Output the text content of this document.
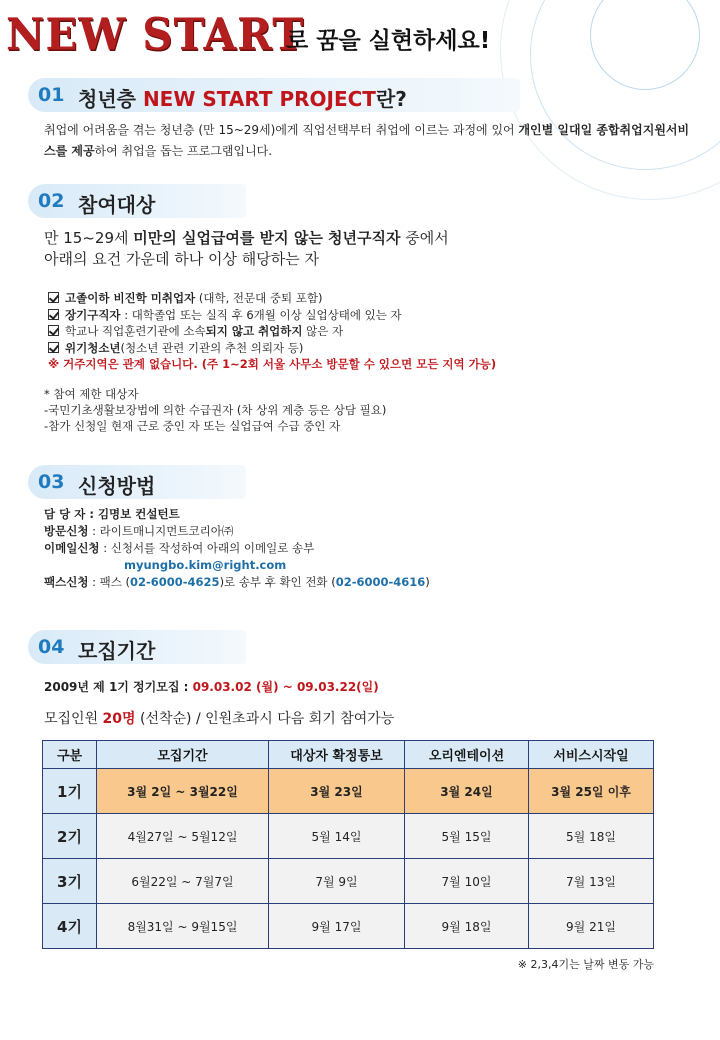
NEW START
로 꿈을 실현하세요!
01 청년층 NEW START PROJECT란?
취업에 어려움을 겪는 청년층 (만 15~29세)에게 직업선택부터 취업에 이르는 과정에 있어 개인별 일대일 종합취업지원서비스를 제공하여 취업을 돕는 프로그램입니다.
02 참여대상
만 15~29세 미만의 실업급여를 받지 않는 청년구직자 중에서
아래의 요건 가운데 하나 이상 해당하는 자
고졸이하 비진학 미취업자 (대학, 전문대 중퇴 포함)
장기구직자 : 대학졸업 또는 실직 후 6개월 이상 실업상태에 있는 자
학교나 직업훈련기관에 소속되지 않고 취업하지 않은 자
위기청소년(청소년 관련 기관의 추천 의뢰자 등)
※ 거주지역은 관계 없습니다. (주 1~2회 서울 사무소 방문할 수 있으면 모든 지역 가능)
* 참여 제한 대상자
-국민기초생활보장법에 의한 수급권자 (차 상위 계층 등은 상담 필요)
-참가 신청일 현재 근로 중인 자 또는 실업급여 수급 중인 자
03 신청방법
담 당 자 : 김명보 컨설턴트
방문신청 : 라이트매니지먼트코리아㈜
이메일신청 : 신청서를 작성하여 아래의 이메일로 송부
myungbo.kim@right.com
팩스신청 : 팩스 (02-6000-4625)로 송부 후 확인 전화 (02-6000-4616)
04 모집기간
2009년 제 1기 정기모집 : 09.03.02 (월) ~ 09.03.22(일)
모집인원 20명 (선착순) / 인원초과시 다음 회기 참여가능
구분	모집기간	대상자 확정통보	오리엔테이션	서비스시작일
1기	3월 2일 ~ 3월22일	3월 23일	3월 24일	3월 25일 이후
2기	4월27일 ~ 5월12일	5월 14일	5월 15일	5월 18일
3기	6월22일 ~ 7월7일	7월 9일	7월 10일	7월 13일
4기	8월31일 ~ 9월15일	9월 17일	9월 18일	9월 21일
※ 2,3,4기는 날짜 변동 가능
